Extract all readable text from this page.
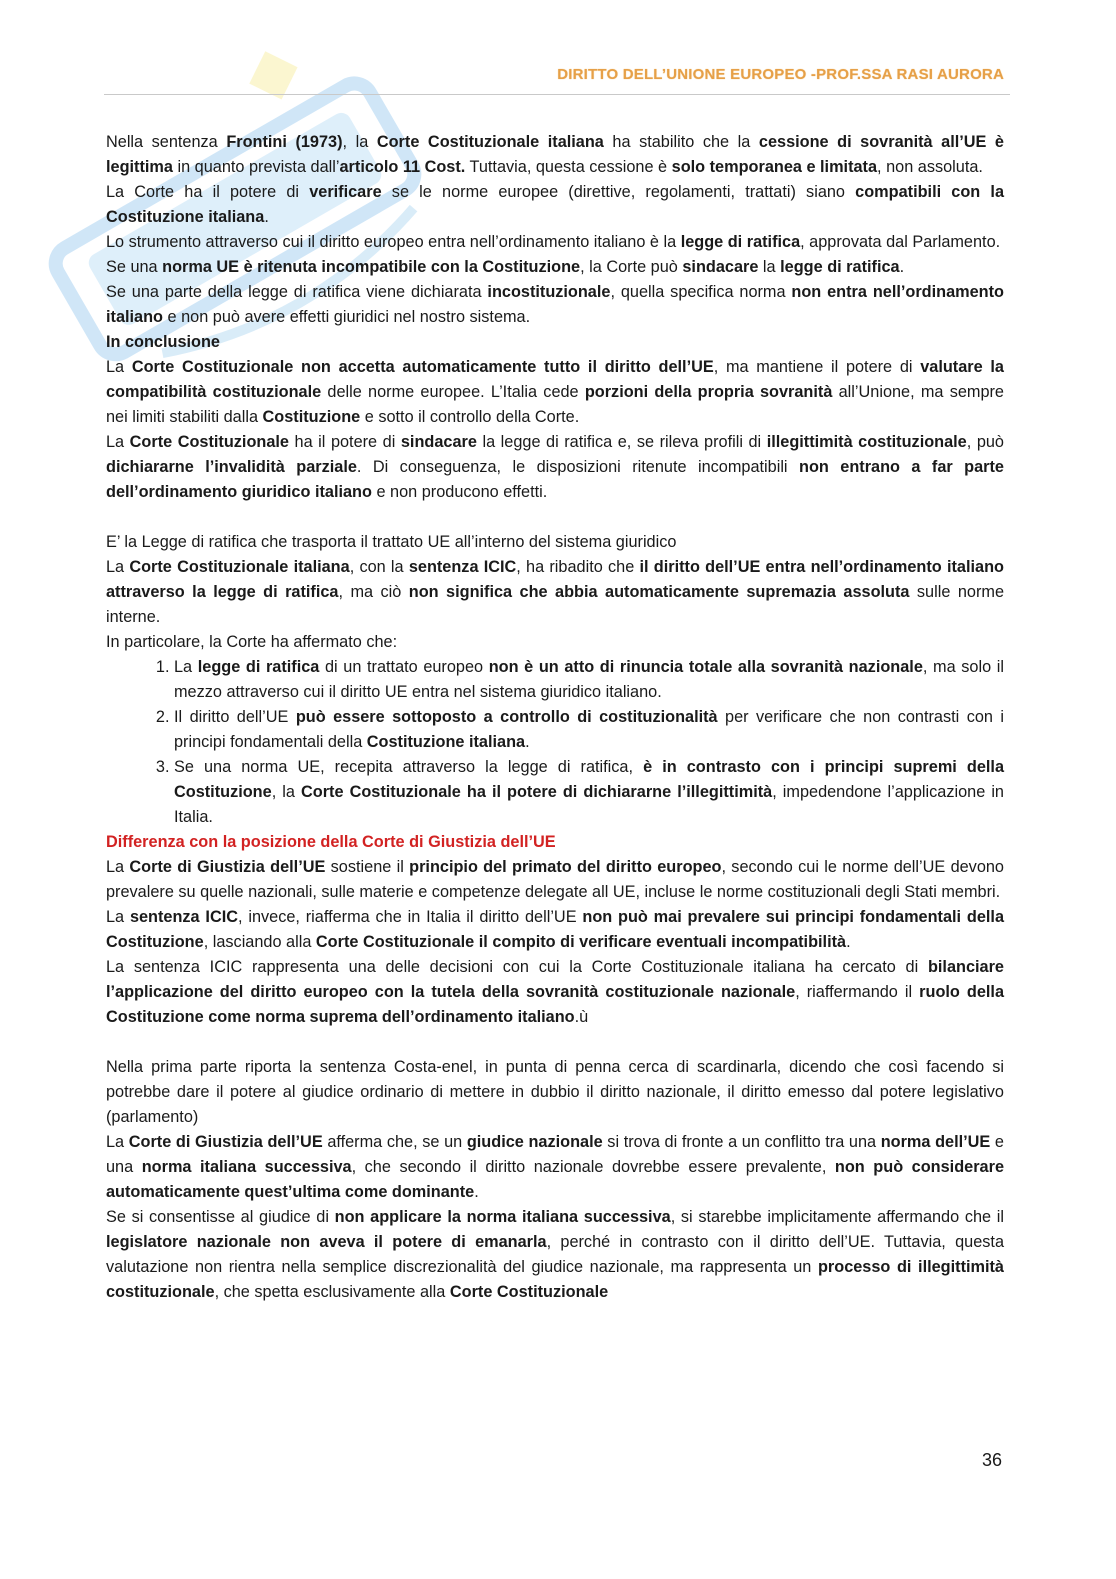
DIRITTO DELL’UNIONE EUROPEO -PROF.SSA RASI AURORA

Nella sentenza Frontini (1973), la Corte Costituzionale italiana ha stabilito che la cessione di sovranità all’UE è legittima in quanto prevista dall’articolo 11 Cost. Tuttavia, questa cessione è solo temporanea e limitata, non assoluta.

La Corte ha il potere di verificare se le norme europee (direttive, regolamenti, trattati) siano compatibili con la Costituzione italiana.

Lo strumento attraverso cui il diritto europeo entra nell’ordinamento italiano è la legge di ratifica, approvata dal Parlamento.

Se una norma UE è ritenuta incompatibile con la Costituzione, la Corte può sindacare la legge di ratifica.

Se una parte della legge di ratifica viene dichiarata incostituzionale, quella specifica norma non entra nell’ordinamento italiano e non può avere effetti giuridici nel nostro sistema.

In conclusione

La Corte Costituzionale non accetta automaticamente tutto il diritto dell’UE, ma mantiene il potere di valutare la compatibilità costituzionale delle norme europee. L’Italia cede porzioni della propria sovranità all’Unione, ma sempre nei limiti stabiliti dalla Costituzione e sotto il controllo della Corte.

La Corte Costituzionale ha il potere di sindacare la legge di ratifica e, se rileva profili di illegittimità costituzionale, può dichiararne l’invalidità parziale. Di conseguenza, le disposizioni ritenute incompatibili non entrano a far parte dell’ordinamento giuridico italiano e non producono effetti.

E’ la Legge di ratifica che trasporta il trattato UE all’interno del sistema giuridico

La Corte Costituzionale italiana, con la sentenza ICIC, ha ribadito che il diritto dell’UE entra nell’ordinamento italiano attraverso la legge di ratifica, ma ciò non significa che abbia automaticamente supremazia assoluta sulle norme interne.

In particolare, la Corte ha affermato che:

1. La legge di ratifica di un trattato europeo non è un atto di rinuncia totale alla sovranità nazionale, ma solo il mezzo attraverso cui il diritto UE entra nel sistema giuridico italiano.
2. Il diritto dell’UE può essere sottoposto a controllo di costituzionalità per verificare che non contrasti con i principi fondamentali della Costituzione italiana.
3. Se una norma UE, recepita attraverso la legge di ratifica, è in contrasto con i principi supremi della Costituzione, la Corte Costituzionale ha il potere di dichiararne l’illegittimità, impedendone l’applicazione in Italia.

Differenza con la posizione della Corte di Giustizia dell’UE

La Corte di Giustizia dell’UE sostiene il principio del primato del diritto europeo, secondo cui le norme dell’UE devono prevalere su quelle nazionali, sulle materie e competenze delegate all UE, incluse le norme costituzionali degli Stati membri.

La sentenza ICIC, invece, riafferma che in Italia il diritto dell’UE non può mai prevalere sui principi fondamentali della Costituzione, lasciando alla Corte Costituzionale il compito di verificare eventuali incompatibilità.

La sentenza ICIC rappresenta una delle decisioni con cui la Corte Costituzionale italiana ha cercato di bilanciare l’applicazione del diritto europeo con la tutela della sovranità costituzionale nazionale, riaffermando il ruolo della Costituzione come norma suprema dell’ordinamento italiano.ù

Nella prima parte riporta la sentenza Costa-enel, in punta di penna cerca di scardinarla, dicendo che così facendo si potrebbe dare il potere al giudice ordinario di mettere in dubbio il diritto nazionale, il diritto emesso dal potere legislativo (parlamento)

La Corte di Giustizia dell’UE afferma che, se un giudice nazionale si trova di fronte a un conflitto tra una norma dell’UE e una norma italiana successiva, che secondo il diritto nazionale dovrebbe essere prevalente, non può considerare automaticamente quest’ultima come dominante.

Se si consentisse al giudice di non applicare la norma italiana successiva, si starebbe implicitamente affermando che il legislatore nazionale non aveva il potere di emanarla, perché in contrasto con il diritto dell’UE. Tuttavia, questa valutazione non rientra nella semplice discrezionalità del giudice nazionale, ma rappresenta un processo di illegittimità costituzionale, che spetta esclusivamente alla Corte Costituzionale

36
